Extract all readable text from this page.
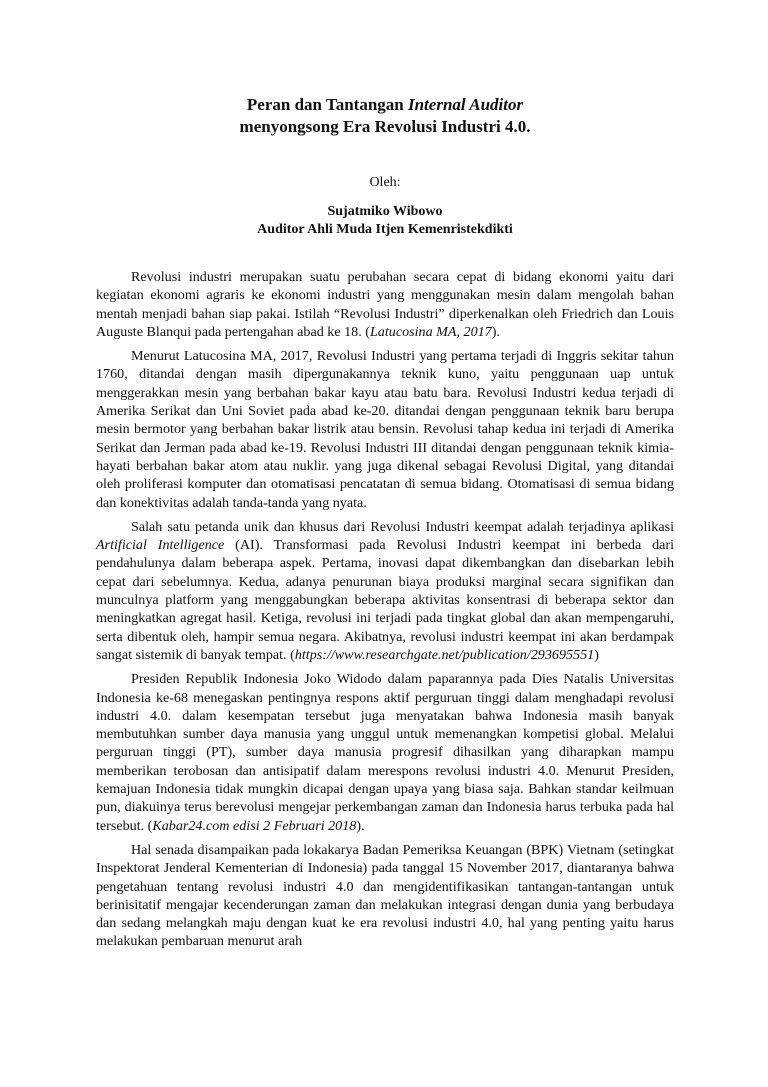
Peran dan Tantangan Internal Auditor

menyongsong Era Revolusi Industri 4.0.

Oleh:
Sujatmiko Wibowo
Auditor Ahli Muda Itjen Kemenristekdikti

Revolusi industri merupakan suatu perubahan secara cepat di bidang ekonomi yaitu dari kegiatan ekonomi agraris ke ekonomi industri yang menggunakan mesin dalam mengolah bahan mentah menjadi bahan siap pakai. Istilah “Revolusi Industri” diperkenalkan oleh Friedrich dan Louis Auguste Blanqui pada pertengahan abad ke 18. (Latucosina MA, 2017).

Menurut Latucosina MA, 2017, Revolusi Industri yang pertama terjadi di Inggris sekitar tahun 1760, ditandai dengan masih dipergunakannya teknik kuno, yaitu penggunaan uap untuk menggerakkan mesin yang berbahan bakar kayu atau batu bara. Revolusi Industri kedua terjadi di Amerika Serikat dan Uni Soviet pada abad ke-20. ditandai dengan penggunaan teknik baru berupa mesin bermotor yang berbahan bakar listrik atau bensin. Revolusi tahap kedua ini terjadi di Amerika Serikat dan Jerman pada abad ke-19. Revolusi Industri III ditandai dengan penggunaan teknik kimia-hayati berbahan bakar atom atau nuklir. yang juga dikenal sebagai Revolusi Digital, yang ditandai oleh proliferasi komputer dan otomatisasi pencatatan di semua bidang. Otomatisasi di semua bidang dan konektivitas adalah tanda-tanda yang nyata.

Salah satu petanda unik dan khusus dari Revolusi Industri keempat adalah terjadinya aplikasi Artificial Intelligence (AI). Transformasi pada Revolusi Industri keempat ini berbeda dari pendahulunya dalam beberapa aspek. Pertama, inovasi dapat dikembangkan dan disebarkan lebih cepat dari sebelumnya. Kedua, adanya penurunan biaya produksi marginal secara signifikan dan munculnya platform yang menggabungkan beberapa aktivitas konsentrasi di beberapa sektor dan meningkatkan agregat hasil. Ketiga, revolusi ini terjadi pada tingkat global dan akan mempengaruhi, serta dibentuk oleh, hampir semua negara. Akibatnya, revolusi industri keempat ini akan berdampak sangat sistemik di banyak tempat. (https://www.researchgate.net/publication/293695551)

Presiden Republik Indonesia Joko Widodo dalam paparannya pada Dies Natalis Universitas Indonesia ke-68 menegaskan pentingnya respons aktif perguruan tinggi dalam menghadapi revolusi industri 4.0. dalam kesempatan tersebut juga menyatakan bahwa Indonesia masih banyak membutuhkan sumber daya manusia yang unggul untuk memenangkan kompetisi global. Melalui perguruan tinggi (PT), sumber daya manusia progresif dihasilkan yang diharapkan mampu memberikan terobosan dan antisipatif dalam merespons revolusi industri 4.0. Menurut Presiden, kemajuan Indonesia tidak mungkin dicapai dengan upaya yang biasa saja. Bahkan standar keilmuan pun, diakuinya terus berevolusi mengejar perkembangan zaman dan Indonesia harus terbuka pada hal tersebut. (Kabar24.com edisi 2 Februari 2018).

Hal senada disampaikan pada lokakarya Badan Pemeriksa Keuangan (BPK) Vietnam (setingkat Inspektorat Jenderal Kementerian di Indonesia) pada tanggal 15 November 2017, diantaranya bahwa pengetahuan tentang revolusi industri 4.0 dan mengidentifikasikan tantangan-tantangan untuk berinisitatif mengajar kecenderungan zaman dan melakukan integrasi dengan dunia yang berbudaya dan sedang melangkah maju dengan kuat ke era revolusi industri 4.0, hal yang penting yaitu harus melakukan pembaruan menurut arah
